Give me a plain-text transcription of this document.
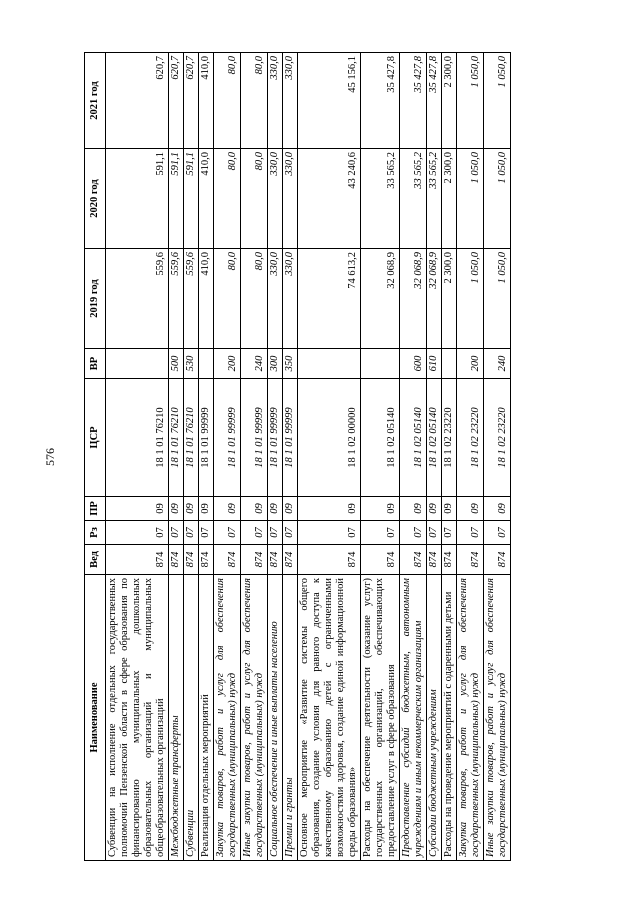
576
Наименование	Вед	Рз	ПР	ЦСР	ВР	2019 год	2020 год	2021 год
Субвенции на исполнение отдельных государственных полномочий Пензенской области в сфере образования по финансированию муниципальных дошкольных образовательных организаций и муниципальных общеобразовательных организаций	874	07	09	18 1 01 76210		559,6	591,1	620,7
Межбюджетные трансферты	874	07	09	18 1 01 76210	500	559,6	591,1	620,7
Субвенции	874	07	09	18 1 01 76210	530	559,6	591,1	620,7
Реализация отдельных мероприятий	874	07	09	18 1 01 99999		410,0	410,0	410,0
Закупка товаров, работ и услуг для обеспечения государственных (муниципальных) нужд	874	07	09	18 1 01 99999	200	80,0	80,0	80,0
Иные закупки товаров, работ и услуг для обеспечения государственных (муниципальных) нужд	874	07	09	18 1 01 99999	240	80,0	80,0	80,0
Социальное обеспечение и иные выплаты населению	874	07	09	18 1 01 99999	300	330,0	330,0	330,0
Премии и гранты	874	07	09	18 1 01 99999	350	330,0	330,0	330,0
Основное мероприятие «Развитие системы общего образования, создание условия для равного доступа к качественному образованию детей с ограниченными возможностями здоровья, создание единой информационной среды образования»	874	07	09	18 1 02 00000		74 613,2	43 240,6	45 156,1
Расходы на обеспечение деятельности (оказание услуг) государственных организаций, обеспечивающих предоставление услуг в сфере образования	874	07	09	18 1 02 05140		32 068,9	33 565,2	35 427,8
Предоставление субсидий бюджетным, автономным учреждениям и иным некоммерческим организациям	874	07	09	18 1 02 05140	600	32 068,9	33 565,2	35 427,8
Субсидии бюджетным учреждениям	874	07	09	18 1 02 05140	610	32 068,9	33 565,2	35 427,8
Расходы на проведение мероприятий с одаренными детьми	874	07	09	18 1 02 23220		2 300,0	2 300,0	2 300,0
Закупка товаров, работ и услуг для обеспечения государственных (муниципальных) нужд	874	07	09	18 1 02 23220	200	1 050,0	1 050,0	1 050,0
Иные закупки товаров, работ и услуг для обеспечения государственных (муниципальных) нужд	874	07	09	18 1 02 23220	240	1 050,0	1 050,0	1 050,0
